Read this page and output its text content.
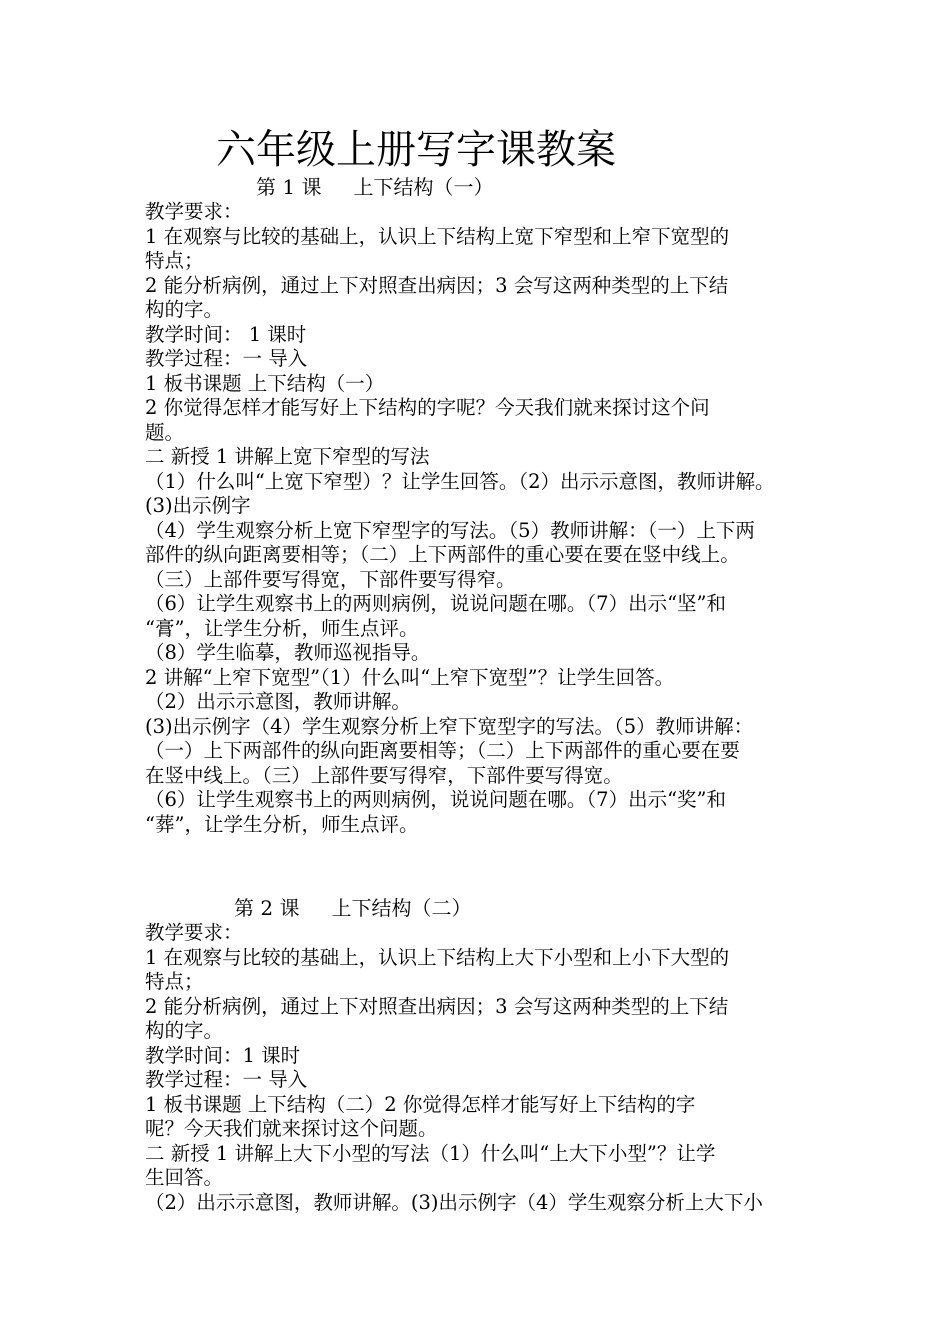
六年级上册写字课教案
第 1 课 上下结构（一）

教学要求：

1 在观察与比较的基础上，认识上下结构上宽下窄型和上窄下宽型的

特点；

2 能分析病例，通过上下对照查出病因；3 会写这两种类型的上下结

构的字。

教学时间： 1 课时

教学过程：一 导入

1 板书课题 上下结构（一）

2 你觉得怎样才能写好上下结构的字呢？今天我们就来探讨这个问

题。

二 新授 1 讲解上宽下窄型的写法

（1）什么叫“上宽下窄型）？让学生回答。（2）出示示意图，教师讲解。

(3)出示例字

（4）学生观察分析上宽下窄型字的写法。（5）教师讲解：（一）上下两

部件的纵向距离要相等；（二）上下两部件的重心要在要在竖中线上。

（三）上部件要写得宽，下部件要写得窄。

（6）让学生观察书上的两则病例，说说问题在哪。（7）出示“坚”和

“膏”，让学生分析，师生点评。

（8）学生临摹，教师巡视指导。

2 讲解“上窄下宽型”（1）什么叫“上窄下宽型”？让学生回答。

（2）出示示意图，教师讲解。

(3)出示例字（4）学生观察分析上窄下宽型字的写法。（5）教师讲解：

（一）上下两部件的纵向距离要相等；（二）上下两部件的重心要在要

在竖中线上。（三）上部件要写得窄，下部件要写得宽。

（6）让学生观察书上的两则病例，说说问题在哪。（7）出示“奖”和

“葬”，让学生分析，师生点评。

第 2 课 上下结构（二）

教学要求：

1 在观察与比较的基础上，认识上下结构上大下小型和上小下大型的

特点；

2 能分析病例，通过上下对照查出病因；3 会写这两种类型的上下结

构的字。

教学时间：1 课时

教学过程：一 导入

1 板书课题 上下结构（二）2 你觉得怎样才能写好上下结构的字

呢？今天我们就来探讨这个问题。

二 新授 1 讲解上大下小型的写法（1）什么叫“上大下小型”？让学

生回答。

（2）出示示意图，教师讲解。(3)出示例字（4）学生观察分析上大下小
